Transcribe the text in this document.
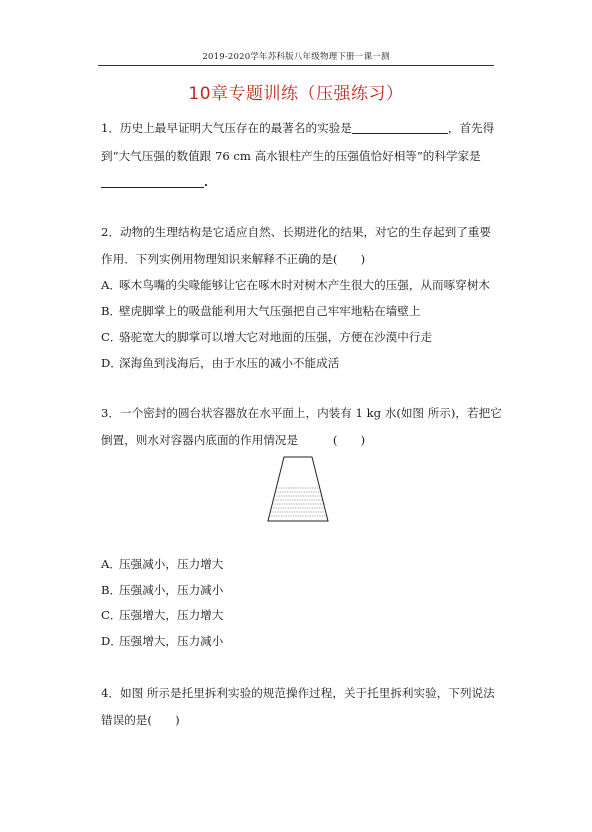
2019-2020学年苏科版八年级物理下册一课一测
10章专题训练（压强练习）
1．历史上最早证明大气压存在的最著名的实验是	，首先得
到“大气压强的数值跟 76 cm 高水银柱产生的压强值恰好相等”的科学家是
.
2．动物的生理结构是它适应自然、长期进化的结果，对它的生存起到了重要
作用．下列实例用物理知识来解释不正确的是(　　)
A．啄木鸟嘴的尖喙能够让它在啄木时对树木产生很大的压强，从而啄穿树木
B．壁虎脚掌上的吸盘能利用大气压强把自己牢牢地粘在墙壁上
C．骆驼宽大的脚掌可以增大它对地面的压强，方便在沙漠中行走
D．深海鱼到浅海后，由于水压的减小不能成活
3．一个密封的圆台状容器放在水平面上，内装有 1 kg 水(如图 所示)，若把它
倒置，则水对容器内底面的作用情况是　　　(　　)
A．压强减小，压力增大
B．压强减小，压力减小
C．压强增大，压力增大
D．压强增大，压力减小
4．如图 所示是托里拆利实验的规范操作过程，关于托里拆利实验，下列说法
错误的是(　　)
